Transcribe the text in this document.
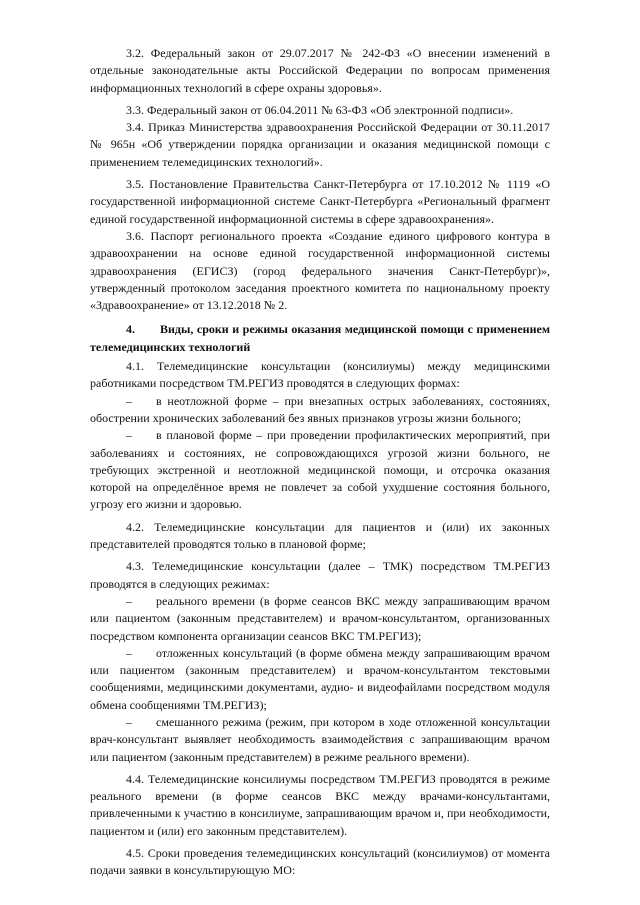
3.2. Федеральный закон от 29.07.2017 № 242-ФЗ «О внесении изменений в отдельные законодательные акты Российской Федерации по вопросам применения информационных технологий в сфере охраны здоровья».

3.3. Федеральный закон от 06.04.2011 № 63-ФЗ «Об электронной подписи».

3.4. Приказ Министерства здравоохранения Российской Федерации от 30.11.2017 № 965н «Об утверждении порядка организации и оказания медицинской помощи с применением телемедицинских технологий».

3.5. Постановление Правительства Санкт-Петербурга от 17.10.2012 № 1119 «О государственной информационной системе Санкт-Петербурга «Региональный фрагмент единой государственной информационной системы в сфере здравоохранения».

3.6. Паспорт регионального проекта «Создание единого цифрового контура в здравоохранении на основе единой государственной информационной системы здравоохранения (ЕГИСЗ) (город федерального значения Санкт-Петербург)», утвержденный протоколом заседания проектного комитета по национальному проекту «Здравоохранение» от 13.12.2018 № 2.

4. Виды, сроки и режимы оказания медицинской помощи с применением телемедицинских технологий

4.1. Телемедицинские консультации (консилиумы) между медицинскими работниками посредством ТМ.РЕГИЗ проводятся в следующих формах:

– в неотложной форме – при внезапных острых заболеваниях, состояниях, обострении хронических заболеваний без явных признаков угрозы жизни больного;

– в плановой форме – при проведении профилактических мероприятий, при заболеваниях и состояниях, не сопровождающихся угрозой жизни больного, не требующих экстренной и неотложной медицинской помощи, и отсрочка оказания которой на определённое время не повлечет за собой ухудшение состояния больного, угрозу его жизни и здоровью.

4.2. Телемедицинские консультации для пациентов и (или) их законных представителей проводятся только в плановой форме;

4.3. Телемедицинские консультации (далее – ТМК) посредством ТМ.РЕГИЗ проводятся в следующих режимах:

– реального времени (в форме сеансов ВКС между запрашивающим врачом или пациентом (законным представителем) и врачом-консультантом, организованных посредством компонента организации сеансов ВКС ТМ.РЕГИЗ);

– отложенных консультаций (в форме обмена между запрашивающим врачом или пациентом (законным представителем) и врачом-консультантом текстовыми сообщениями, медицинскими документами, аудио- и видеофайлами посредством модуля обмена сообщениями ТМ.РЕГИЗ);

– смешанного режима (режим, при котором в ходе отложенной консультации врач-консультант выявляет необходимость взаимодействия с запрашивающим врачом или пациентом (законным представителем) в режиме реального времени).

4.4. Телемедицинские консилиумы посредством ТМ.РЕГИЗ проводятся в режиме реального времени (в форме сеансов ВКС между врачами-консультантами, привлеченными к участию в консилиуме, запрашивающим врачом и, при необходимости, пациентом и (или) его законным представителем).

4.5. Сроки проведения телемедицинских консультаций (консилиумов) от момента подачи заявки в консультирующую МО:
